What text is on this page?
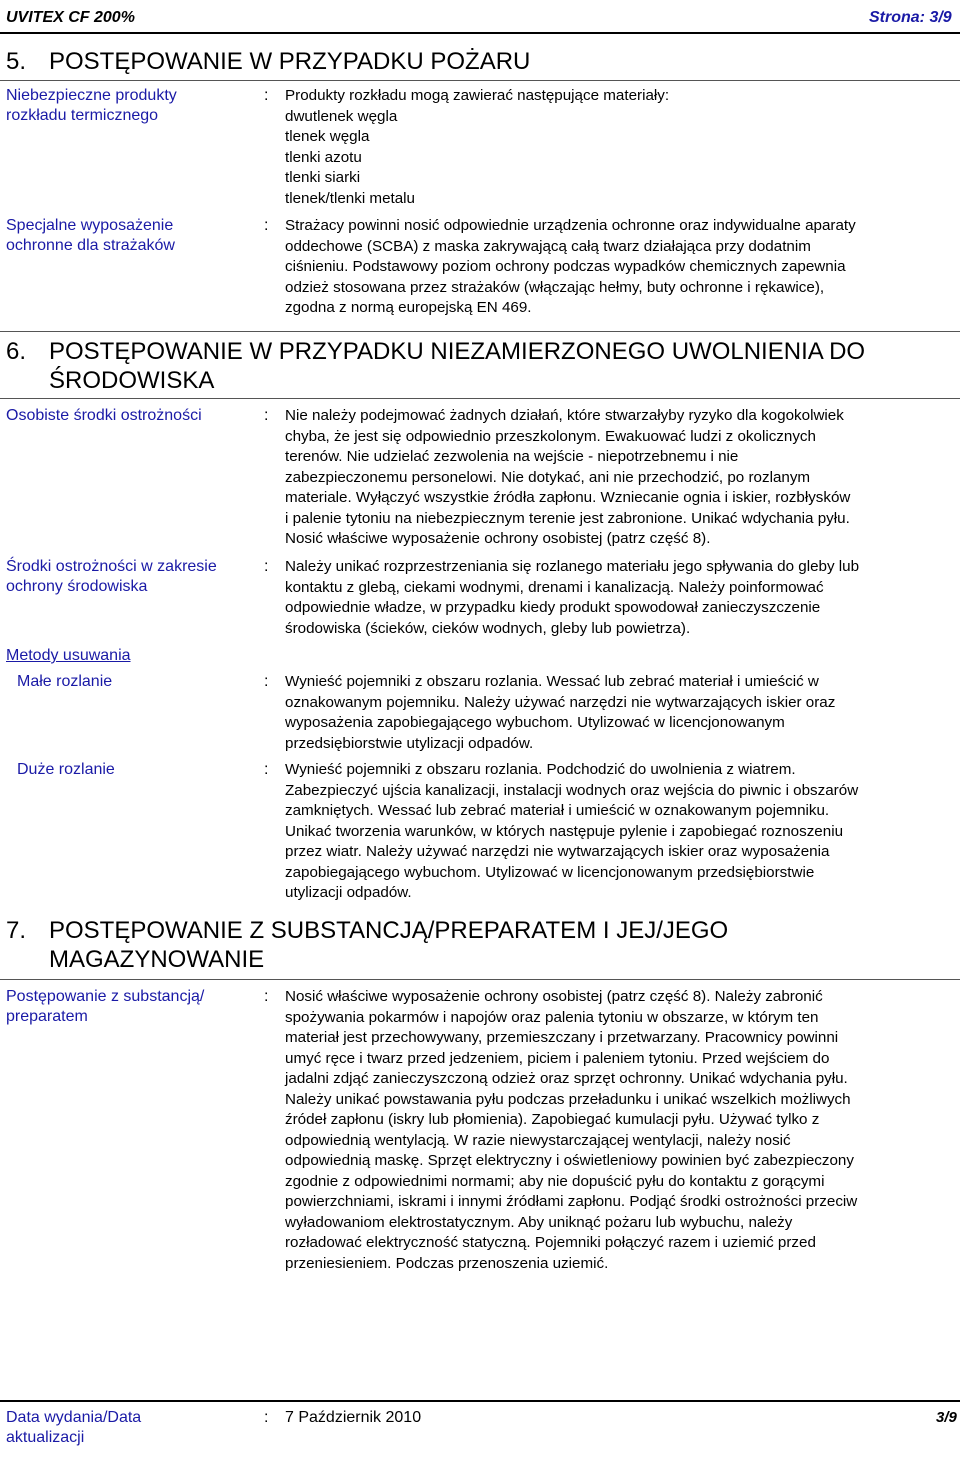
UVITEX CF 200%	Strona: 3/9
5. POSTĘPOWANIE W PRZYPADKU POŻARU
Niebezpieczne produkty
rozkładu termicznego
: Produkty rozkładu mogą zawierać następujące materiały:
dwutlenek węgla
tlenek węgla
tlenki azotu
tlenki siarki
tlenek/tlenki metalu
Specjalne wyposażenie
ochronne dla strażaków
: Strażacy powinni nosić odpowiednie urządzenia ochronne oraz indywidualne aparaty
oddechowe (SCBA) z maska zakrywającą całą twarz działająca przy dodatnim
ciśnieniu. Podstawowy poziom ochrony podczas wypadków chemicznych zapewnia
odzież stosowana przez strażaków (włączając hełmy, buty ochronne i rękawice),
zgodna z normą europejską EN 469.
6. POSTĘPOWANIE W PRZYPADKU NIEZAMIERZONEGO UWOLNIENIA DO
ŚRODOWISKA
Osobiste środki ostrożności	: Nie należy podejmować żadnych działań, które stwarzałyby ryzyko dla kogokolwiek
chyba, że jest się odpowiednio przeszkolonym. Ewakuować ludzi z okolicznych
terenów. Nie udzielać zezwolenia na wejście - niepotrzebnemu i nie
zabezpieczonemu personelowi. Nie dotykać, ani nie przechodzić, po rozlanym
materiale. Wyłączyć wszystkie źródła zapłonu. Wzniecanie ognia i iskier, rozbłysków
i palenie tytoniu na niebezpiecznym terenie jest zabronione. Unikać wdychania pyłu.
Nosić właściwe wyposażenie ochrony osobistej (patrz część 8).
Środki ostrożności w zakresie
ochrony środowiska
: Należy unikać rozprzestrzeniania się rozlanego materiału jego spływania do gleby lub
kontaktu z glebą, ciekami wodnymi, drenami i kanalizacją. Należy poinformować
odpowiednie władze, w przypadku kiedy produkt spowodował zanieczyszczenie
środowiska (ścieków, cieków wodnych, gleby lub powietrza).
Metody usuwania
Małe rozlanie	: Wynieść pojemniki z obszaru rozlania. Wessać lub zebrać materiał i umieścić w
oznakowanym pojemniku. Należy używać narzędzi nie wytwarzających iskier oraz
wyposażenia zapobiegającego wybuchom. Utylizować w licencjonowanym
przedsiębiorstwie utylizacji odpadów.
Duże rozlanie	: Wynieść pojemniki z obszaru rozlania. Podchodzić do uwolnienia z wiatrem.
Zabezpieczyć ujścia kanalizacji, instalacji wodnych oraz wejścia do piwnic i obszarów
zamkniętych. Wessać lub zebrać materiał i umieścić w oznakowanym pojemniku.
Unikać tworzenia warunków, w których następuje pylenie i zapobiegać roznoszeniu
przez wiatr. Należy używać narzędzi nie wytwarzających iskier oraz wyposażenia
zapobiegającego wybuchom. Utylizować w licencjonowanym przedsiębiorstwie
utylizacji odpadów.
7. POSTĘPOWANIE Z SUBSTANCJĄ/PREPARATEM I JEJ/JEGO
MAGAZYNOWANIE
Postępowanie z substancją/
preparatem
: Nosić właściwe wyposażenie ochrony osobistej (patrz część 8). Należy zabronić
spożywania pokarmów i napojów oraz palenia tytoniu w obszarze, w którym ten
materiał jest przechowywany, przemieszczany i przetwarzany. Pracownicy powinni
umyć ręce i twarz przed jedzeniem, piciem i paleniem tytoniu. Przed wejściem do
jadalni zdjąć zanieczyszczoną odzież oraz sprzęt ochronny. Unikać wdychania pyłu.
Należy unikać powstawania pyłu podczas przeładunku i unikać wszelkich możliwych
źródeł zapłonu (iskry lub płomienia). Zapobiegać kumulacji pyłu. Używać tylko z
odpowiednią wentylacją. W razie niewystarczającej wentylacji, należy nosić
odpowiednią maskę. Sprzęt elektryczny i oświetleniowy powinien być zabezpieczony
zgodnie z odpowiednimi normami; aby nie dopuścić pyłu do kontaktu z gorącymi
powierzchniami, iskrami i innymi źródłami zapłonu. Podjąć środki ostrożności przeciw
wyładowaniom elektrostatycznym. Aby uniknąć pożaru lub wybuchu, należy
rozładować elektryczność statyczną. Pojemniki połączyć razem i uziemić przed
przeniesieniem. Podczas przenoszenia uziemić.
Data wydania/Data
aktualizacji
: 7 Październik 2010	3/9
